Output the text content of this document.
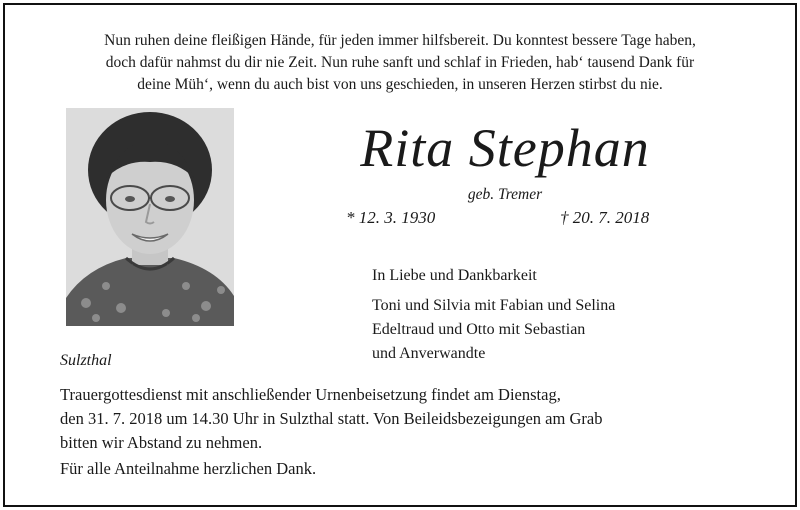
Nun ruhen deine fleißigen Hände, für jeden immer hilfsbereit. Du konntest bessere Tage haben,
doch dafür nahmst du dir nie Zeit. Nun ruhe sanft und schlaf in Frieden, hab‘ tausend Dank für
deine Müh‘, wenn du auch bist von uns geschieden, in unseren Herzen stirbst du nie.
Rita Stephan
geb. Tremer
* 12. 3. 1930	† 20. 7. 2018
In Liebe und Dankbarkeit
Toni und Silvia mit Fabian und Selina
Edeltraud und Otto mit Sebastian
und Anverwandte
Sulzthal
Trauergottesdienst mit anschließender Urnenbeisetzung findet am Dienstag,
den 31. 7. 2018 um 14.30 Uhr in Sulzthal statt. Von Beileidsbezeigungen am Grab
bitten wir Abstand zu nehmen.
Für alle Anteilnahme herzlichen Dank.
